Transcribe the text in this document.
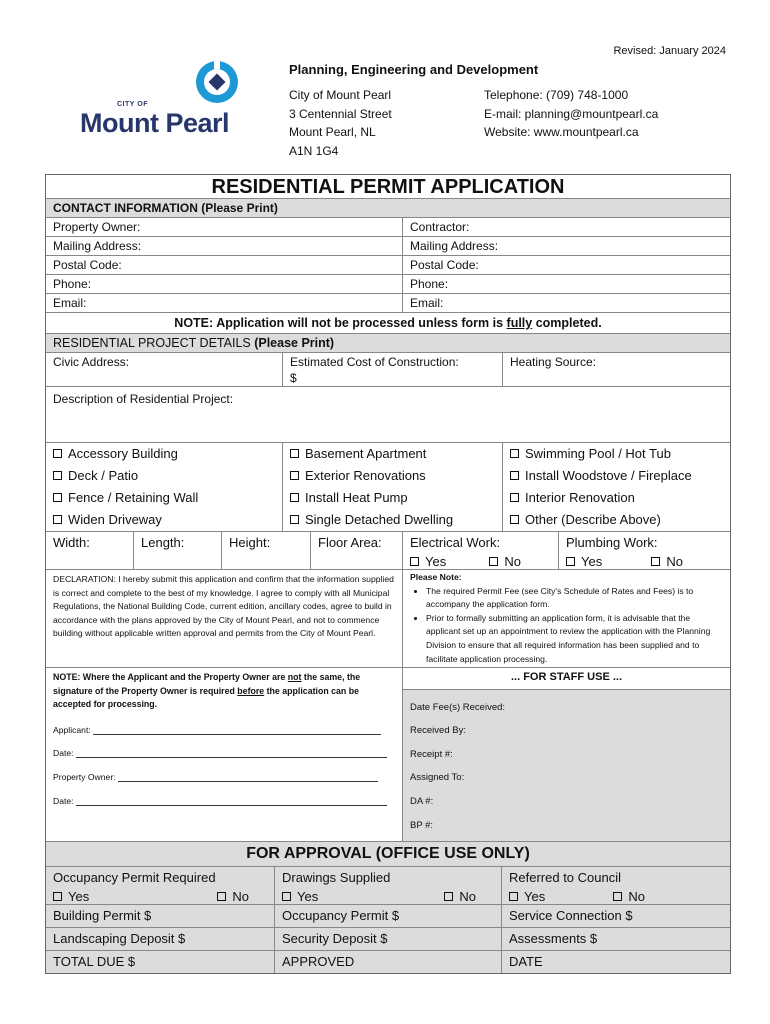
Revised: January 2024
CITY OF
Mount Pearl
Planning, Engineering and Development
City of Mount Pearl
3 Centennial Street
Mount Pearl, NL
A1N 1G4
Telephone: (709) 748-1000
E-mail: planning@mountpearl.ca
Website: www.mountpearl.ca
RESIDENTIAL PERMIT APPLICATION
CONTACT INFORMATION (Please Print)
Property Owner:	Contractor:
Mailing Address:	Mailing Address:
Postal Code:	Postal Code:
Phone:	Phone:
Email:	Email:
NOTE: Application will not be processed unless form is fully completed.
RESIDENTIAL PROJECT DETAILS (Please Print)
Civic Address:	Estimated Cost of Construction:
$
Heating Source:
Description of Residential Project:
Accessory Building	Basement Apartment	Swimming Pool / Hot Tub
Deck / Patio	Exterior Renovations	Install Woodstove / Fireplace
Fence / Retaining Wall	Install Heat Pump	Interior Renovation
Widen Driveway	Single Detached Dwelling	Other (Describe Above)
Width:	Length:	Height:	Floor Area:	Electrical Work:
Yes	No
Plumbing Work:
Yes	No
DECLARATION: I hereby submit this application and confirm that the information supplied is correct and complete to the best of my knowledge. I agree to comply with all Municipal Regulations, the National Building Code, current edition, ancillary codes, agree to build in accordance with the plans approved by the City of Mount Pearl, and not to commence building without applicable written approval and permits from the City of Mount Pearl.
Please Note:
• The required Permit Fee (see City's Schedule of Rates and Fees) is to accompany the application form.
• Prior to formally submitting an application form, it is advisable that the applicant set up an appointment to review the application with the Planning Division to ensure that all required information has been supplied and to facilitate application processing.
NOTE: Where the Applicant and the Property Owner are not the same, the signature of the Property Owner is required before the application can be accepted for processing.
Applicant:
Date:
Property Owner:
Date:
... FOR STAFF USE ...
Date Fee(s) Received:
Received By:
Receipt #:
Assigned To:
DA #:
BP #:
FOR APPROVAL (OFFICE USE ONLY)
Occupancy Permit Required
Yes	No
Drawings Supplied
Yes	No
Referred to Council
Yes	No
Building Permit $	Occupancy Permit $	Service Connection $
Landscaping Deposit $	Security Deposit $	Assessments $
TOTAL DUE $	APPROVED	DATE
